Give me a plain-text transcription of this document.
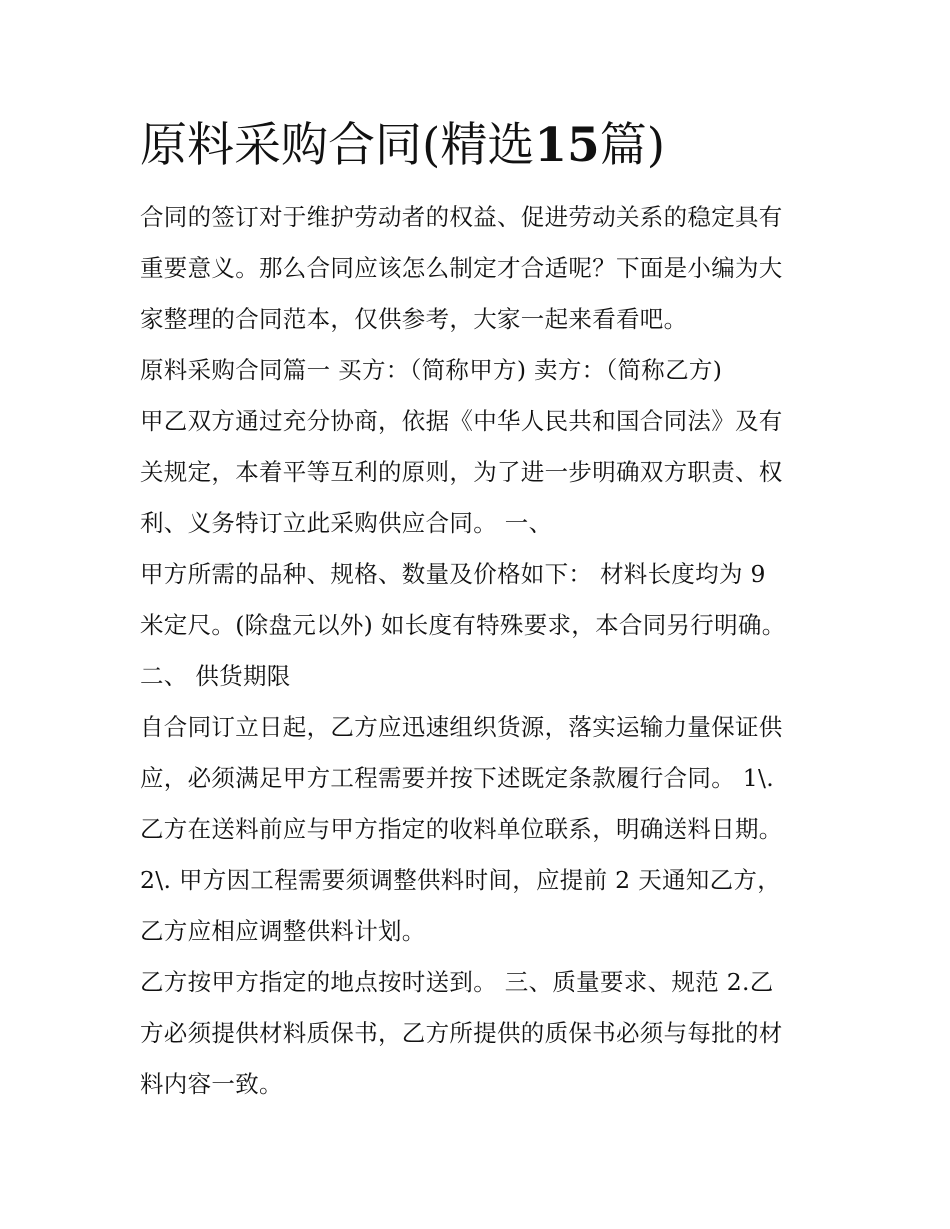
原料采购合同(精选15篇)

合同的签订对于维护劳动者的权益、促进劳动关系的稳定具有

重要意义。那么合同应该怎么制定才合适呢？下面是小编为大

家整理的合同范本，仅供参考，大家一起来看看吧。

原料采购合同篇一 买方：（简称甲方) 卖方：（简称乙方)

甲乙双方通过充分协商，依据《中华人民共和国合同法》及有

关规定，本着平等互利的原则，为了进一步明确双方职责、权

利、义务特订立此采购供应合同。 一、

甲方所需的品种、规格、数量及价格如下： 材料长度均为 9

米定尺。(除盘元以外) 如长度有特殊要求，本合同另行明确。

二、 供货期限

自合同订立日起，乙方应迅速组织货源，落实运输力量保证供

应，必须满足甲方工程需要并按下述既定条款履行合同。 1\.

乙方在送料前应与甲方指定的收料单位联系，明确送料日期。

2\. 甲方因工程需要须调整供料时间，应提前 2 天通知乙方，

乙方应相应调整供料计划。

乙方按甲方指定的地点按时送到。 三、质量要求、规范 2.乙

方必须提供材料质保书，乙方所提供的质保书必须与每批的材

料内容一致。
